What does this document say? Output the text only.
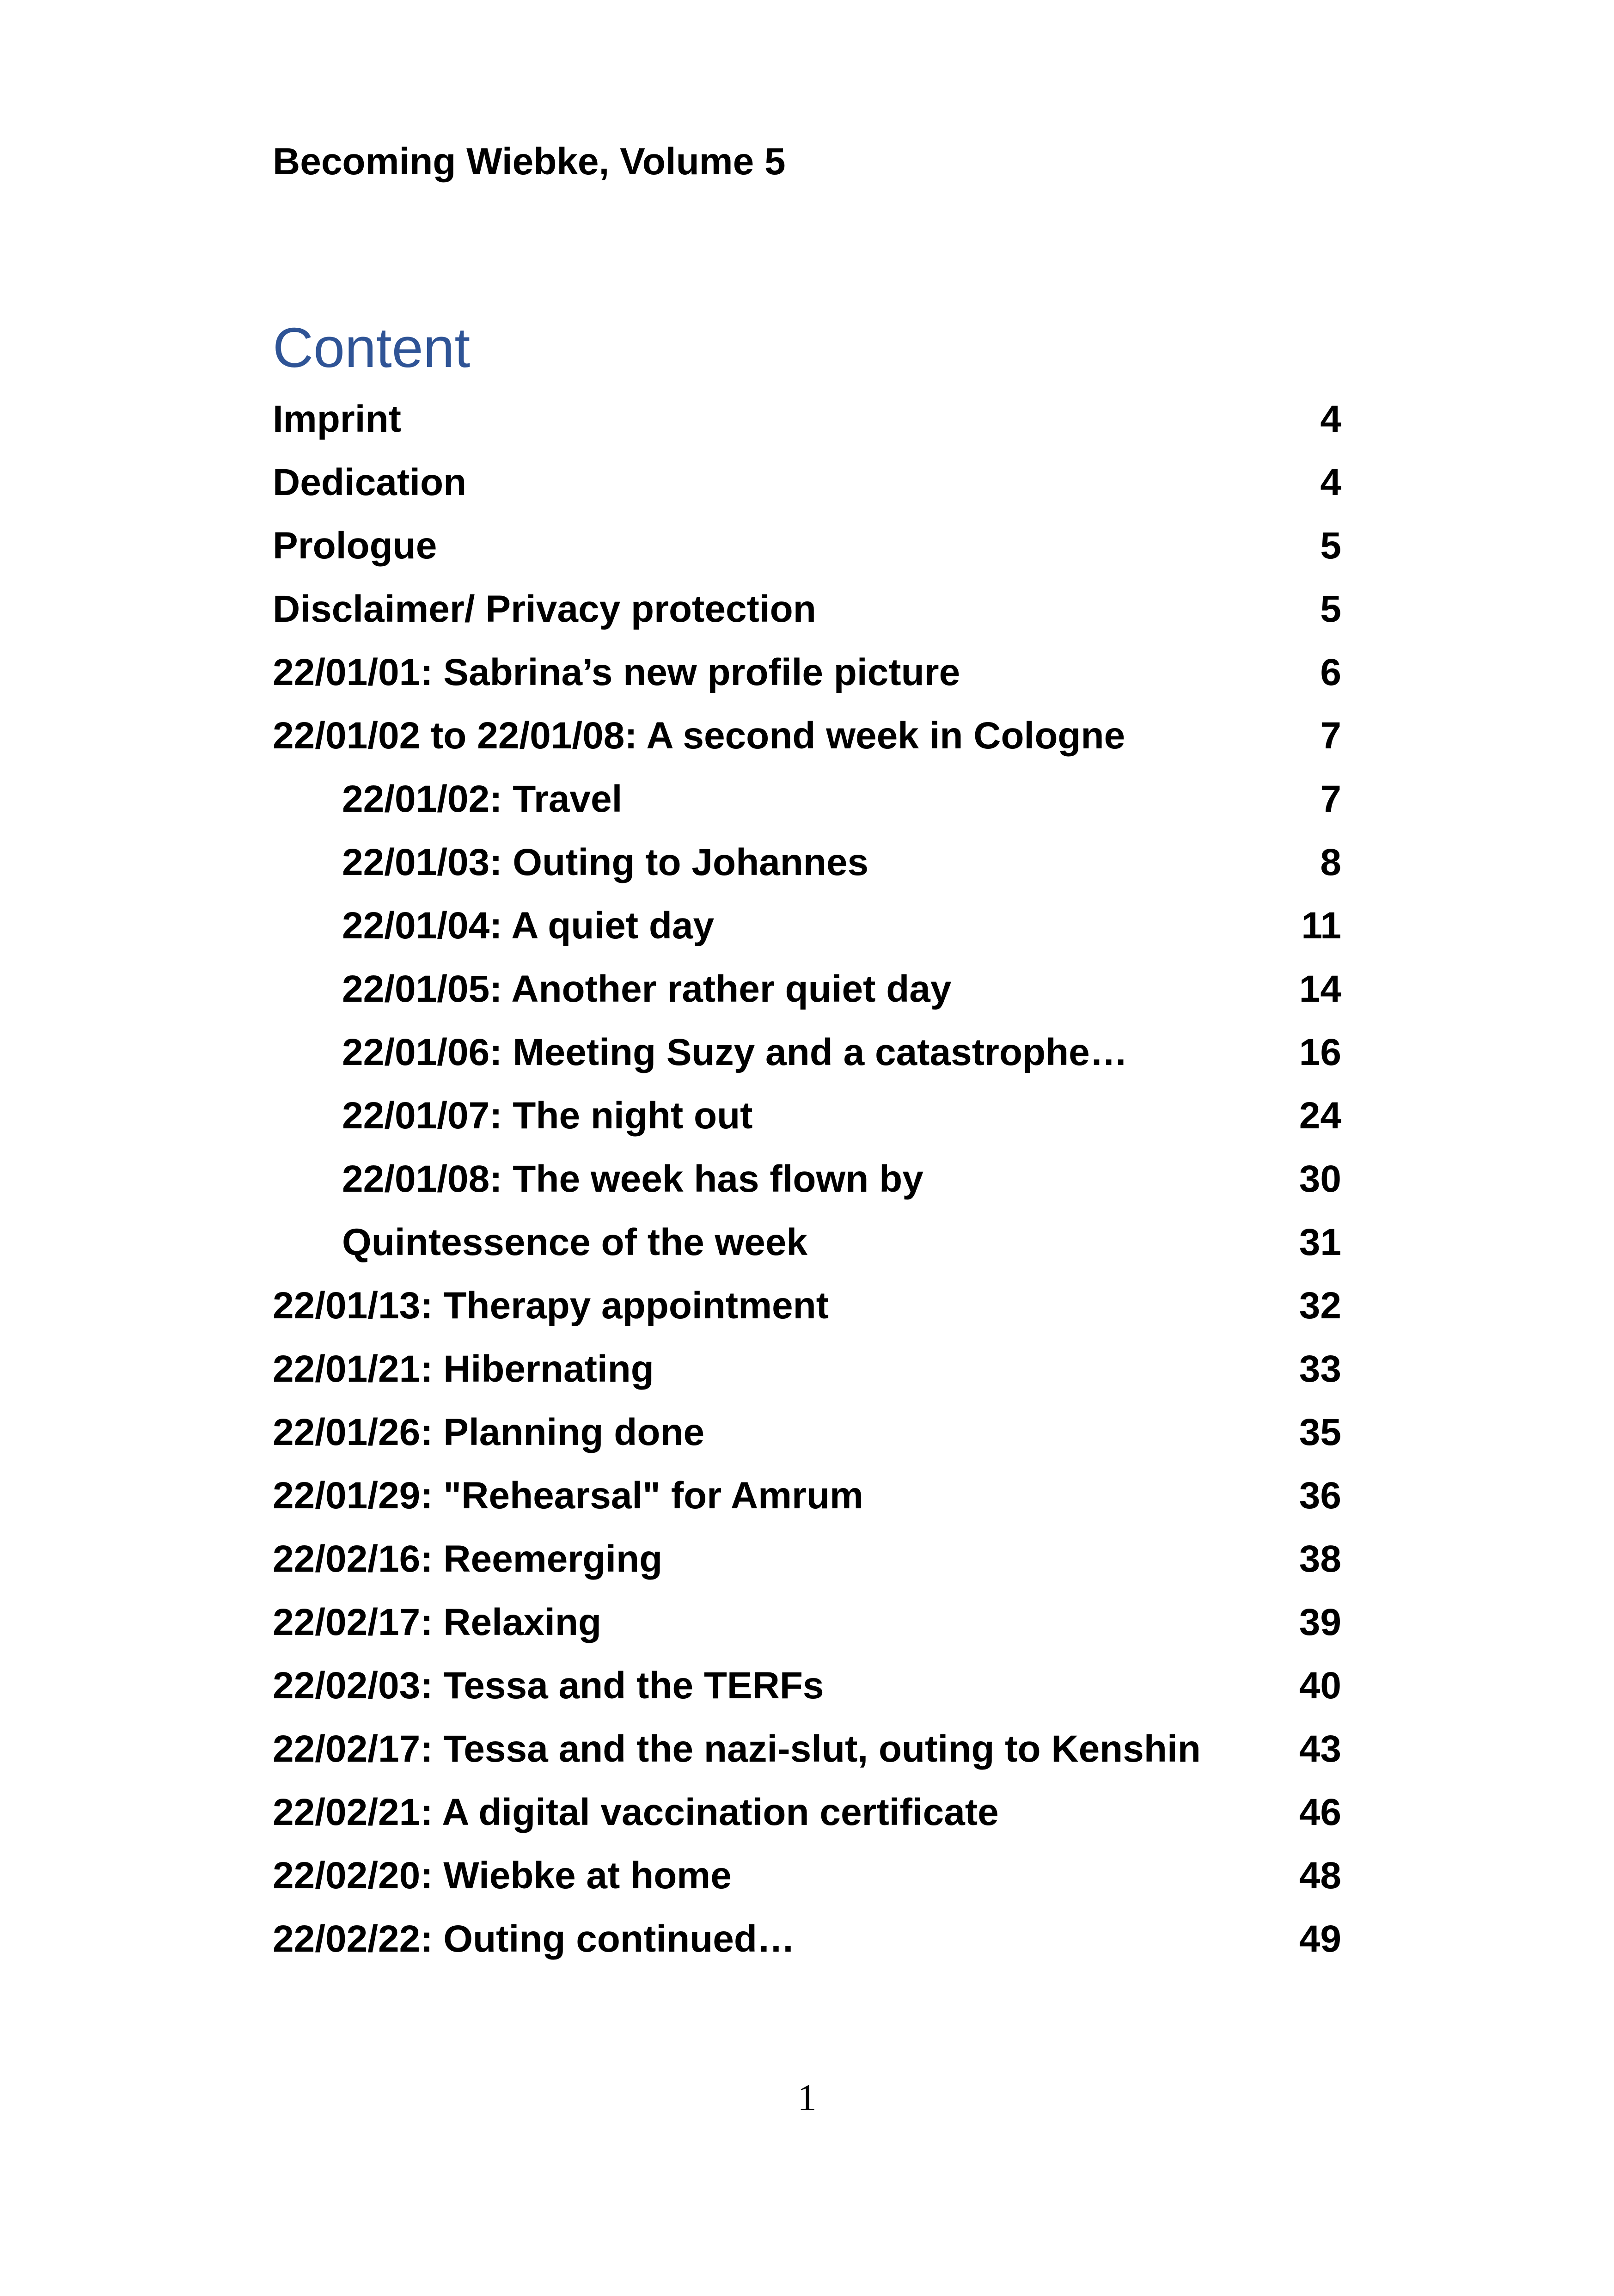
Becoming Wiebke, Volume 5
Content
Imprint	4
Dedication	4
Prologue	5
Disclaimer/ Privacy protection	5
22/01/01: Sabrina’s new profile picture	6
22/01/02 to 22/01/08: A second week in Cologne	7
22/01/02: Travel	7
22/01/03: Outing to Johannes	8
22/01/04: A quiet day	11
22/01/05: Another rather quiet day	14
22/01/06: Meeting Suzy and a catastrophe…	16
22/01/07: The night out	24
22/01/08: The week has flown by	30
Quintessence of the week	31
22/01/13: Therapy appointment	32
22/01/21: Hibernating	33
22/01/26: Planning done	35
22/01/29: "Rehearsal" for Amrum	36
22/02/16: Reemerging	38
22/02/17: Relaxing	39
22/02/03: Tessa and the TERFs	40
22/02/17: Tessa and the nazi-slut, outing to Kenshin	43
22/02/21: A digital vaccination certificate	46
22/02/20: Wiebke at home	48
22/02/22: Outing continued…	49
1
